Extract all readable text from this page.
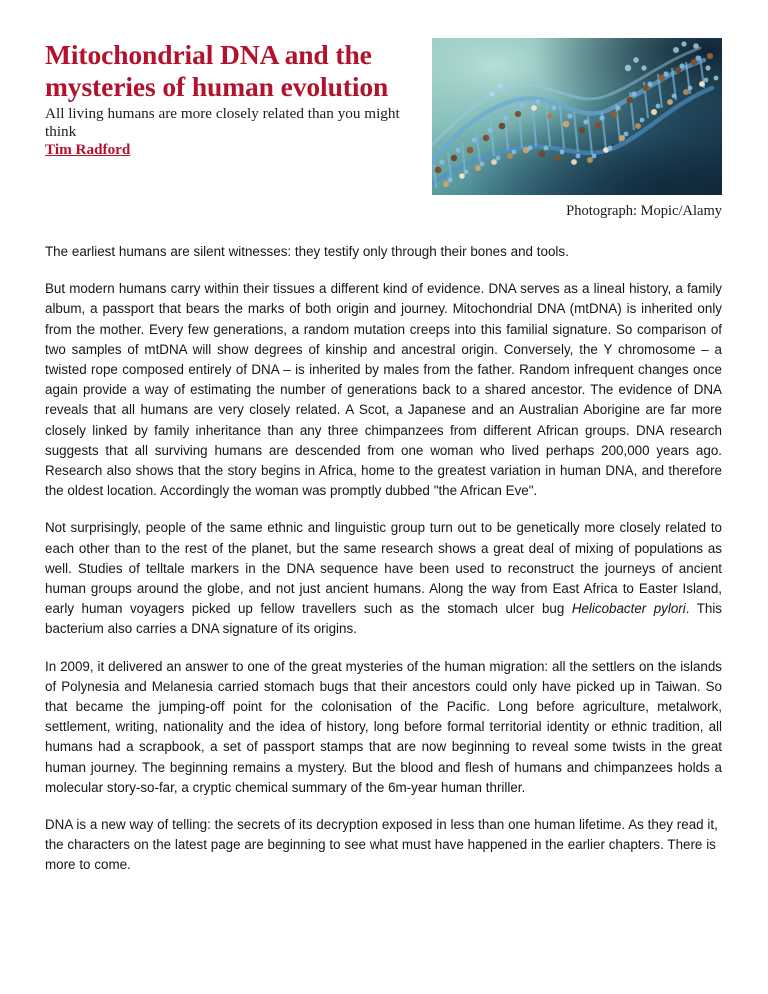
Mitochondrial DNA and the mysteries of human evolution

All living humans are more closely related than you might think

Tim Radford
Photograph: Mopic/Alamy

The earliest humans are silent witnesses: they testify only through their bones and tools.

But modern humans carry within their tissues a different kind of evidence. DNA serves as a lineal history, a family album, a passport that bears the marks of both origin and journey. Mitochondrial DNA (mtDNA) is inherited only from the mother. Every few generations, a random mutation creeps into this familial signature. So comparison of two samples of mtDNA will show degrees of kinship and ancestral origin. Conversely, the Y chromosome – a twisted rope composed entirely of DNA – is inherited by males from the father. Random infrequent changes once again provide a way of estimating the number of generations back to a shared ancestor. The evidence of DNA reveals that all humans are very closely related. A Scot, a Japanese and an Australian Aborigine are far more closely linked by family inheritance than any three chimpanzees from different African groups. DNA research suggests that all surviving humans are descended from one woman who lived perhaps 200,000 years ago. Research also shows that the story begins in Africa, home to the greatest variation in human DNA, and therefore the oldest location. Accordingly the woman was promptly dubbed "the African Eve".

Not surprisingly, people of the same ethnic and linguistic group turn out to be genetically more closely related to each other than to the rest of the planet, but the same research shows a great deal of mixing of populations as well. Studies of telltale markers in the DNA sequence have been used to reconstruct the journeys of ancient human groups around the globe, and not just ancient humans. Along the way from East Africa to Easter Island, early human voyagers picked up fellow travellers such as the stomach ulcer bug Helicobacter pylori. This bacterium also carries a DNA signature of its origins.

In 2009, it delivered an answer to one of the great mysteries of the human migration: all the settlers on the islands of Polynesia and Melanesia carried stomach bugs that their ancestors could only have picked up in Taiwan. So that became the jumping-off point for the colonisation of the Pacific. Long before agriculture, metalwork, settlement, writing, nationality and the idea of history, long before formal territorial identity or ethnic tradition, all humans had a scrapbook, a set of passport stamps that are now beginning to reveal some twists in the great human journey. The beginning remains a mystery. But the blood and flesh of humans and chimpanzees holds a molecular story-so-far, a cryptic chemical summary of the 6m-year human thriller.

DNA is a new way of telling: the secrets of its decryption exposed in less than one human lifetime. As they read it, the characters on the latest page are beginning to see what must have happened in the earlier chapters. There is more to come.
